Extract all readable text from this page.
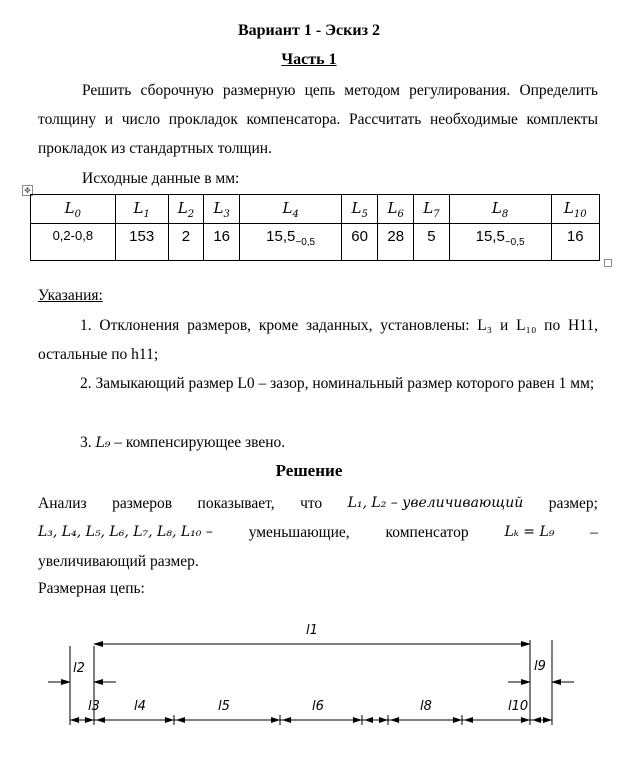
Вариант 1 - Эскиз 2
Часть 1
Решить сборочную размерную цепь методом регулирования. Определить толщину и число прокладок компенсатора. Рассчитать необходимые комплекты прокладок из стандартных толщин.
Исходные данные в мм:
✥
$L_0$	$L_1$	$L_2$	$L_3$	$L_4$	$L_5$	$L_6$	$L_7$	$L_8$	$L_{10}$
0,2-0,8	153	2	16	$15,5_{-0,5}$	60	28	5	$15,5_{-0,5}$	16
Указания:
1. Отклонения размеров, кроме заданных, установлены: L₃ и L₁₀ по H11, остальные по h11;
2. Замыкающий размер L0 – зазор, номинальный размер которого равен 1 мм;
3. L₉ – компенсирующее звено.
Решение
Анализ размеров показывает, что L₁, L₂ – увеличивающий размер;
L₃, L₄, L₅, L₆, L₇, L₈, L₁₀ – уменьшающие, компенсатор	Lₖ = L₉ –
увеличивающий размер.
Размерная цепь:
l1
l2	l9
l3	l4	l5	l6	l8	l10
